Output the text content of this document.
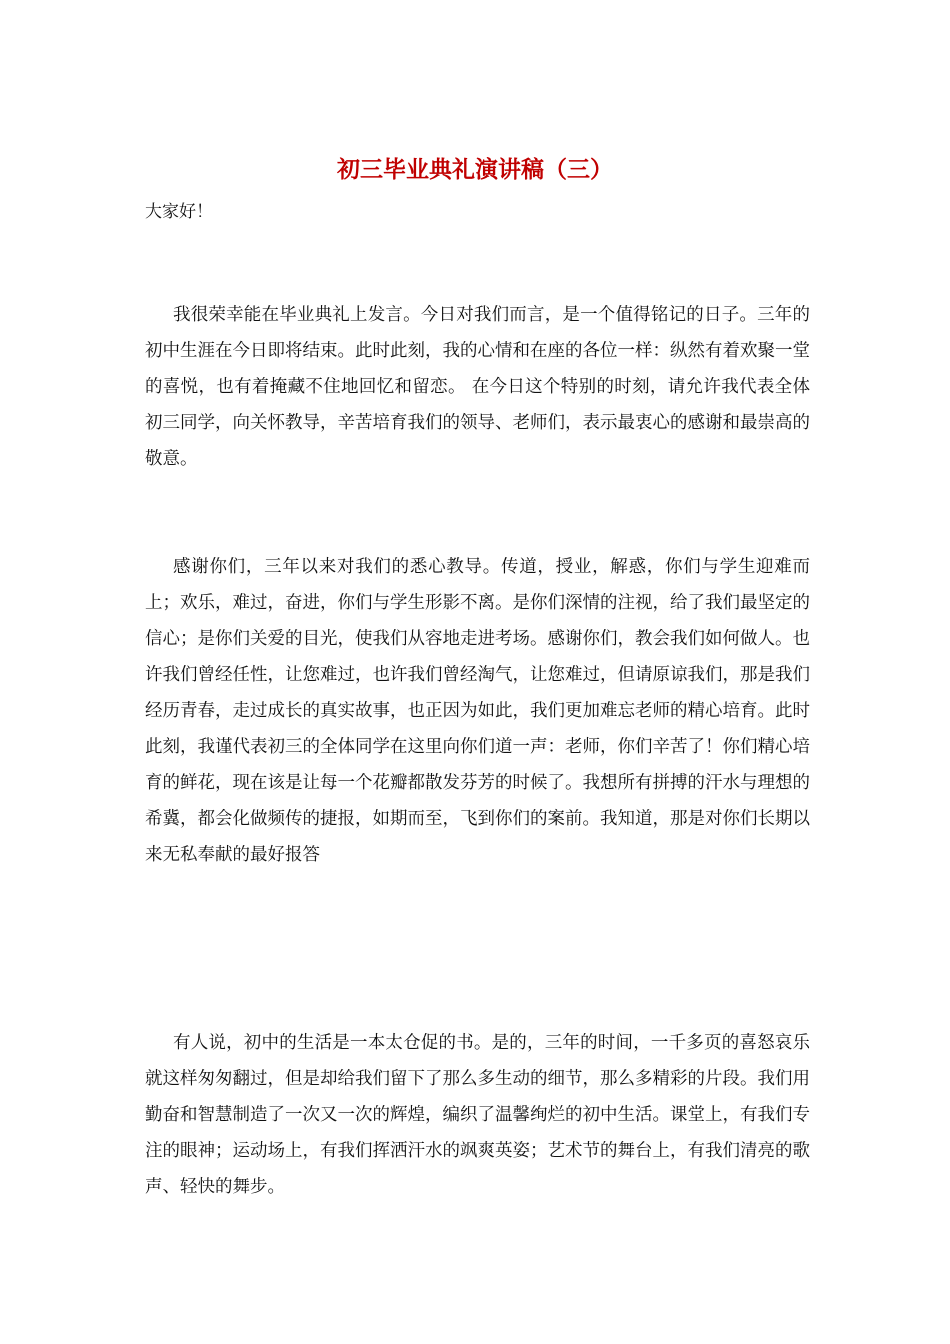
初三毕业典礼演讲稿（三）

大家好！

我很荣幸能在毕业典礼上发言。今日对我们而言，是一个值得铭记的日子。三年的初中生涯在今日即将结束。此时此刻，我的心情和在座的各位一样：纵然有着欢聚一堂的喜悦，也有着掩藏不住地回忆和留恋。 在今日这个特别的时刻，请允许我代表全体初三同学，向关怀教导，辛苦培育我们的领导、老师们，表示最衷心的感谢和最崇高的敬意。

感谢你们，三年以来对我们的悉心教导。传道，授业，解惑，你们与学生迎难而上；欢乐，难过，奋进，你们与学生形影不离。是你们深情的注视，给了我们最坚定的信心；是你们关爱的目光，使我们从容地走进考场。感谢你们，教会我们如何做人。也许我们曾经任性，让您难过，也许我们曾经淘气，让您难过，但请原谅我们，那是我们经历青春，走过成长的真实故事，也正因为如此，我们更加难忘老师的精心培育。此时此刻，我谨代表初三的全体同学在这里向你们道一声：老师，你们辛苦了！你们精心培育的鲜花，现在该是让每一个花瓣都散发芬芳的时候了。我想所有拼搏的汗水与理想的希冀，都会化做频传的捷报，如期而至，飞到你们的案前。我知道，那是对你们长期以来无私奉献的最好报答

有人说，初中的生活是一本太仓促的书。是的，三年的时间，一千多页的喜怒哀乐就这样匆匆翻过，但是却给我们留下了那么多生动的细节，那么多精彩的片段。我们用勤奋和智慧制造了一次又一次的辉煌，编织了温馨绚烂的初中生活。课堂上，有我们专注的眼神；运动场上，有我们挥洒汗水的飒爽英姿；艺术节的舞台上，有我们清亮的歌声、轻快的舞步。
